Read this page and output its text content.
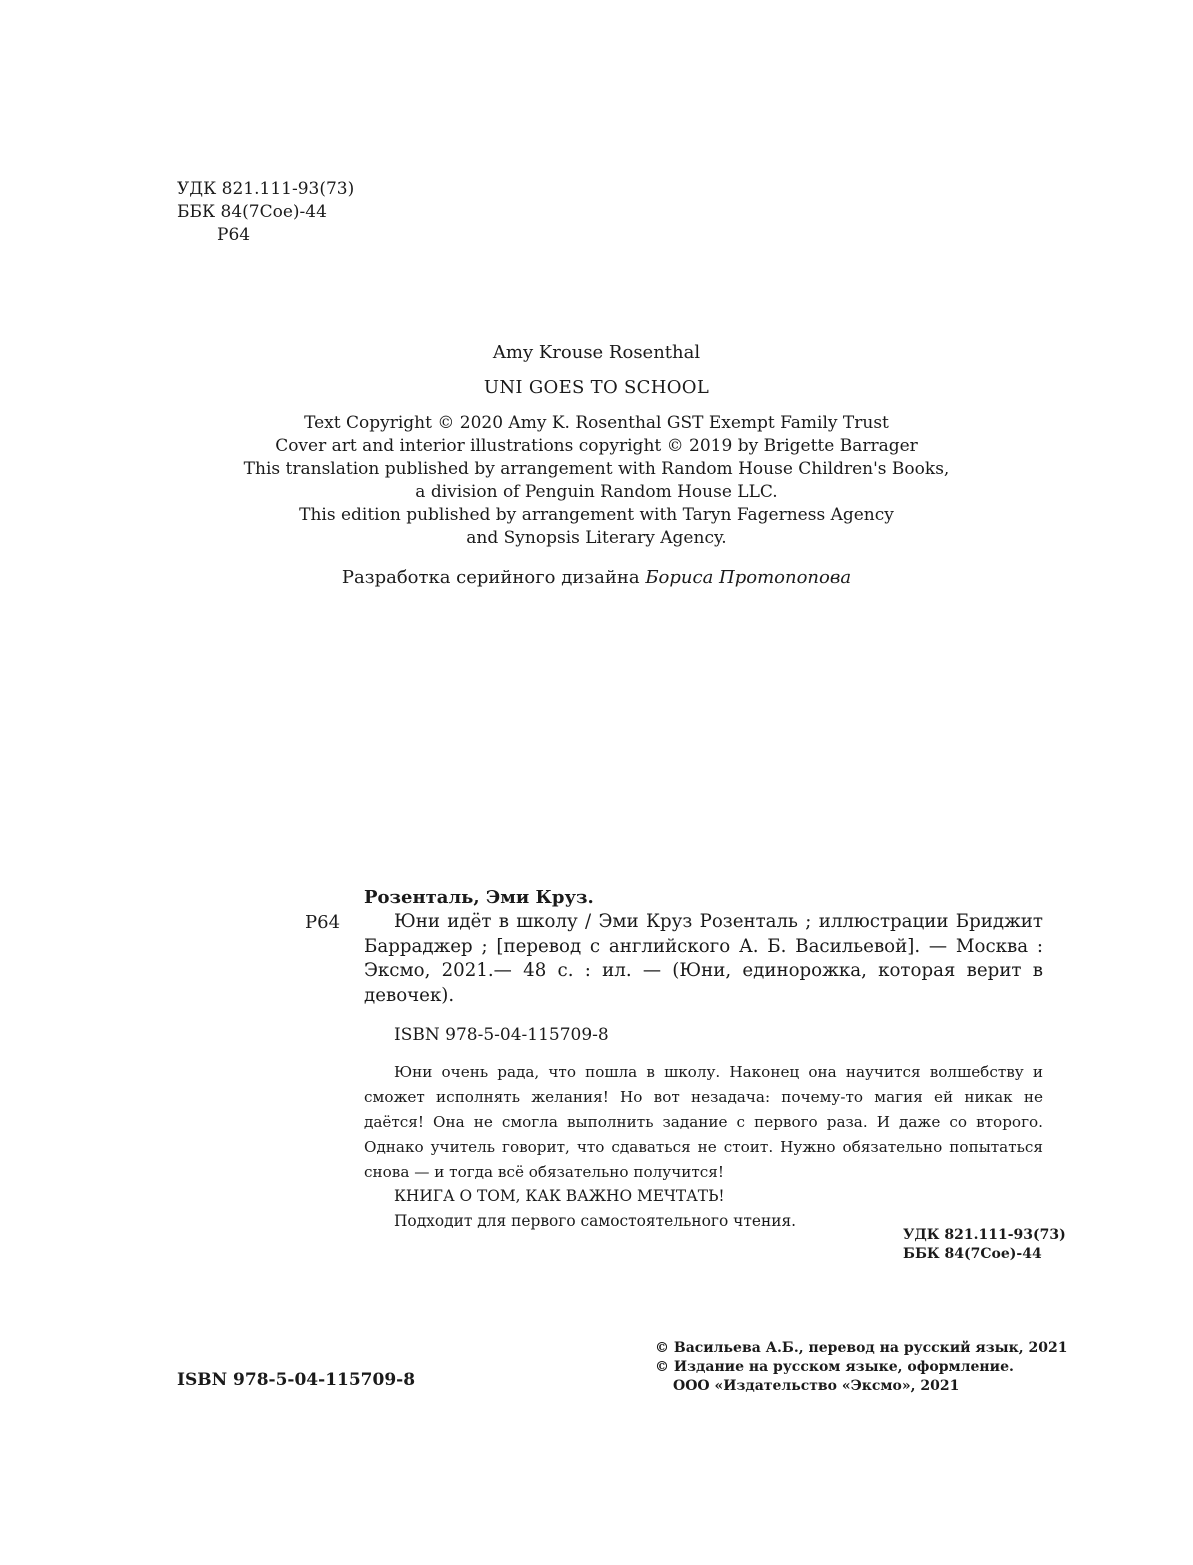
УДК 821.111-93(73)
ББК 84(7Сое)-44
Р64
Amy Krouse Rosenthal
UNI GOES TO SCHOOL
Text Copyright © 2020 Amy K. Rosenthal GST Exempt Family Trust
Cover art and interior illustrations copyright © 2019 by Brigette Barrager
This translation published by arrangement with Random House Children's Books,
a division of Penguin Random House LLC.
This edition published by arrangement with Taryn Fagerness Agency
and Synopsis Literary Agency.
Разработка серийного дизайна Бориса Протопопова
Розенталь, Эми Круз.
Р64	Юни идёт в школу / Эми Круз Розенталь ; иллюстрации Бриджит Барраджер ; [перевод с английского А. Б. Васильевой]. — Москва : Эксмо, 2021.— 48 с. : ил. — (Юни, единорожка, которая верит в девочек).
ISBN 978-5-04-115709-8
Юни очень рада, что пошла в школу. Наконец она научится волшебству и сможет исполнять желания! Но вот незадача: почему-то магия ей никак не даётся! Она не смогла выполнить задание с первого раза. И даже со второго. Однако учитель говорит, что сдаваться не стоит. Нужно обязательно попытаться снова — и тогда всё обязательно получится!
КНИГА О ТОМ, КАК ВАЖНО МЕЧТАТЬ!
Подходит для первого самостоятельного чтения.
УДК 821.111-93(73)
ББК 84(7Сое)-44
ISBN 978-5-04-115709-8
© Васильева А.Б., перевод на русский язык, 2021
© Издание на русском языке, оформление.
ООО «Издательство «Эксмо», 2021
